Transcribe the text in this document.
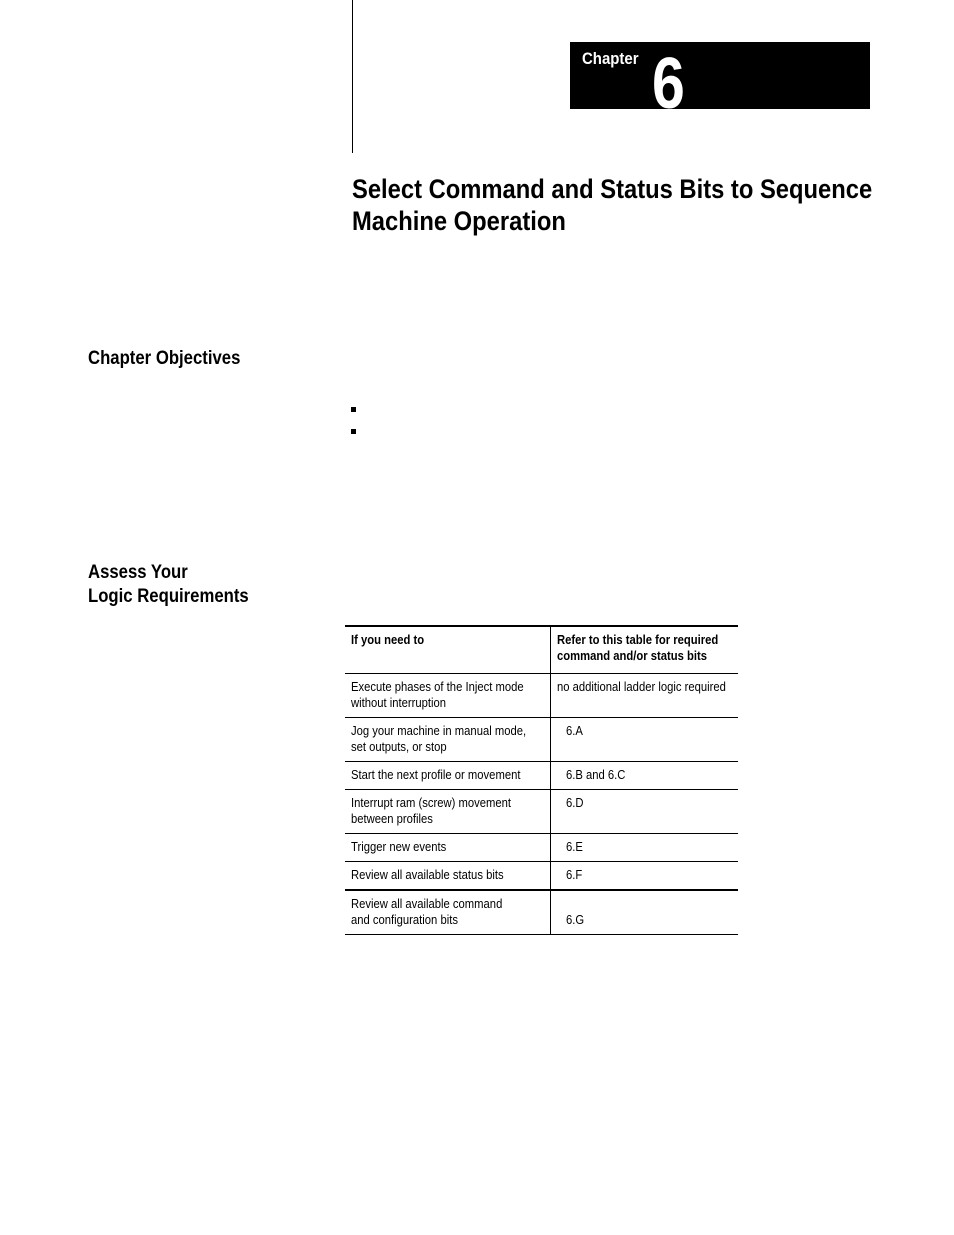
Chapter 6
Select Command and Status Bits to Sequence Machine Operation
Chapter Objectives
Assess Your
Logic Requirements
If you need to	Refer to this table for required command and/or status bits
Execute phases of the Inject mode without interruption	no additional ladder logic required
Jog your machine in manual mode, set outputs, or stop	6.A
Start the next profile or movement	6.B and 6.C
Interrupt ram (screw) movement between profiles	6.D
Trigger new events	6.E
Review all available status bits	6.F
Review all available command and configuration bits	6.G
